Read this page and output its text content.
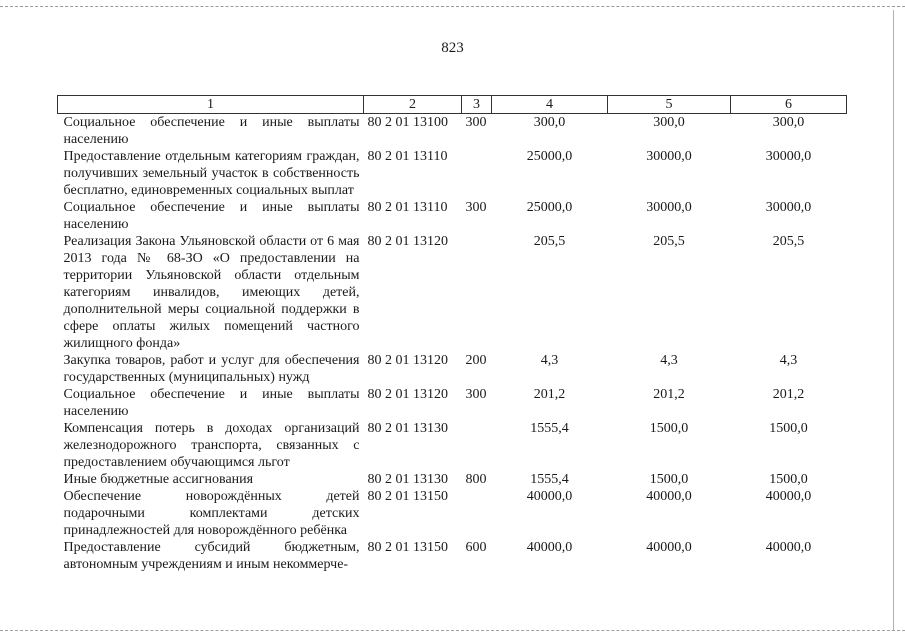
823
1	2	3	4	5	6
Социальное обеспечение и иные выплаты населению	80 2 01 13100	300	300,0	300,0	300,0
Предоставление отдельным категориям граждан, получивших земельный участок в собственность бесплатно, единовременных социальных выплат	80 2 01 13110		25000,0	30000,0	30000,0
Социальное обеспечение и иные выплаты населению	80 2 01 13110	300	25000,0	30000,0	30000,0
Реализация Закона Ульяновской области от 6 мая 2013 года № 68-ЗО «О предоставлении на территории Ульяновской области отдельным категориям инвалидов, имеющих детей, дополнительной меры социальной поддержки в сфере оплаты жилых помещений частного жилищного фонда»	80 2 01 13120		205,5	205,5	205,5
Закупка товаров, работ и услуг для обеспечения государственных (муниципальных) нужд	80 2 01 13120	200	4,3	4,3	4,3
Социальное обеспечение и иные выплаты населению	80 2 01 13120	300	201,2	201,2	201,2
Компенсация потерь в доходах организаций железнодорожного транспорта, связанных с предоставлением обучающимся льгот	80 2 01 13130		1555,4	1500,0	1500,0
Иные бюджетные ассигнования	80 2 01 13130	800	1555,4	1500,0	1500,0
Обеспечение новорождённых детей подарочными комплектами детских принадлежностей для новорождённого ребёнка	80 2 01 13150		40000,0	40000,0	40000,0
Предоставление субсидий бюджетным, автономным учреждениям и иным некоммерче-	80 2 01 13150	600	40000,0	40000,0	40000,0
